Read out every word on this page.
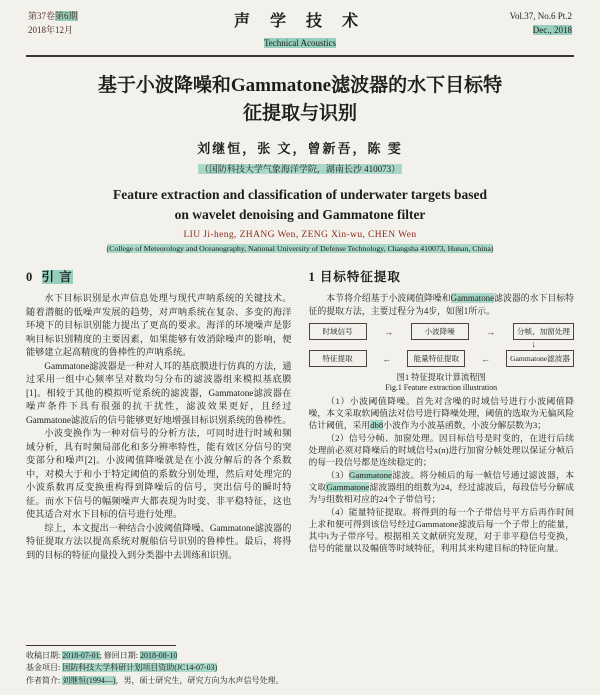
第37卷第6期
2018年12月
声 学 技 术
Technical Acoustics
Vol.37, No.6 Pt.2
Dec., 2018
基于小波降噪和Gammatone滤波器的水下目标特
征提取与识别
刘继恒，张 文，曾新吾，陈 雯
（国防科技大学气象海洋学院，湖南长沙 410073）
Feature extraction and classification of underwater targets based
on wavelet denoising and Gammatone filter
LIU Ji-heng, ZHANG Wen, ZENG Xin-wu, CHEN Wen
(College of Meteorology and Oceanography, National University of Defense Technology, Changsha 410073, Hunan, China)
0 引 言

水下目标识别是水声信息处理与现代声呐系统的关键技术。随着潜艇的低噪声发展的趋势，对声呐系统在复杂、多变的海洋环境下的目标识别能力提出了更高的要求。海洋的环境噪声是影响目标识别精度的主要因素，如果能够有效消除噪声的影响，便能够建立起高精度的鲁棒性的声呐系统。

Gammatone滤波器是一种对人耳的基底膜进行仿真的方法，通过采用一组中心频率呈对数均匀分布的滤波器组来模拟基底膜[1]。相较于其他的模拟听觉系统的滤波器，Gammatone滤波器在噪声条件下具有很强的抗干扰性，滤波效果更好，且经过Gammatone滤波后的信号能够更好地增强目标识别系统的鲁棒性。

小波变换作为一种对信号的分析方法，可同时进行时域和频域分析，具有时频局部化和多分辨率特性，能有效区分信号的突变部分和噪声[2]。小波阈值降噪就是在小波分解后的各个系数中，对模大于和小于特定阈值的系数分别处理，然后对处理完的小波系数再反变换重构得到降噪后的信号，突出信号的瞬时特征。而水下信号的幅频噪声大都表现为时变、非平稳特征，这也使其适合对水下目标的信号进行处理。

综上，本文提出一种结合小波阈值降噪、Gammatone滤波器的特征提取方法以提高系统对舰船信号识别的鲁棒性。最后，将得到的目标的特征向量投入到分类器中去训练和识别。

1 目标特征提取

本节将介绍基于小波阈值降噪和Gammatone滤波器的水下目标特征的提取方法，主要过程分为4步，如图1所示。

时域信号	→	小波降噪	→	分帧、加窗处理
↓
特征提取	←	能量特征提取	←	Gammatone滤波器
图1 特征提取计算流程图
Fig.1 Feature extraction illustration

（1）小波阈值降噪。首先对含噪的时域信号进行小波阈值降噪，本文采取软阈值法对信号进行降噪处理，阈值的选取为无偏风险估计阈值，采用db8小波作为小波基函数，小波分解层数为3；

（2）信号分帧、加窗处理。因目标信号是时变的，在进行后续处理前必须对降噪后的时域信号x(n)进行加窗分帧处理以保证分帧后的每一段信号都是连续稳定的；

（3）Gammatone滤波。将分帧后的每一帧信号通过滤波器，本文取Gammatone滤波器组的组数为24，经过滤波后，每段信号分解成为与组数相对应的24个子带信号；

（4）能量特征提取。将得到的每一个子带信号平方后再作时间上求和便可得到该信号经过Gammatone滤波后每一个子带上的能量，其中i为子带序号。根据相关文献研究发现，对于非平稳信号变换，信号的能量以及幅值等时域特征，利用其来构建目标的特征向量。

收稿日期: 2018-07-01; 修回日期: 2018-08-10
基金项目: 国防科技大学科研计划项目资助(JC14-07-03)
作者简介: 刘继恒(1994—)，男，硕士研究生，研究方向为水声信号处理。
